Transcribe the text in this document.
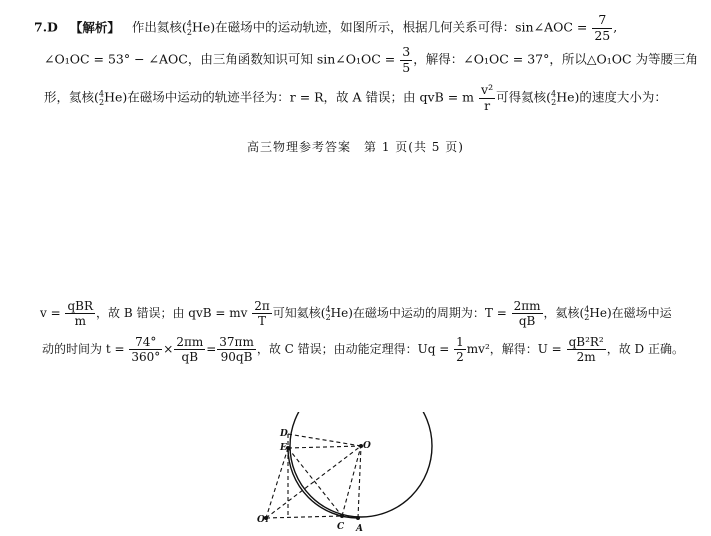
7.D 【解析】 作出氦核($^4_2$He)在磁场中的运动轨迹，如图所示，根据几何关系可得：sin∠AOC = $\frac{7}{25}$ ,
∠O₁OC = 53° − ∠AOC，由三角函数知识可知 sin∠O₁OC = $\frac{3}{5}$ ，解得：∠O₁OC = 37°，所以△O₁OC 为等腰三角
形，氦核($^4_2$He)在磁场中运动的轨迹半径为：r = R，故 A 错误；由 qvB = m $\frac{\text{v²}}{r}$ 可得氦核($^4_2$He)的速度大小为：
高三物理参考答案　第 1 页(共 5 页)
$v = \frac{\text{qBR}}{m}$ ，故 B 错误；由 qvB = mv $\frac{2\pi}{T}$ 可知氦核($^4_2$He)在磁场中运动的周期为：$T = \frac{2\pi m}{qB}$ ，氦核($^4_2$He)在磁场中运
动的时间为 $t = \frac{74^\circ}{360^\circ} \times \frac{2\pi m}{qB} = \frac{37\pi m}{90qB}$ ，故 C 错误；由动能定理得：$Uq = \frac{1}{2} mv^2$，解得：$U = \frac{\text{qB²R²}}{2m}$ ，故 D 正确。
D
E	O
O₁
C A
